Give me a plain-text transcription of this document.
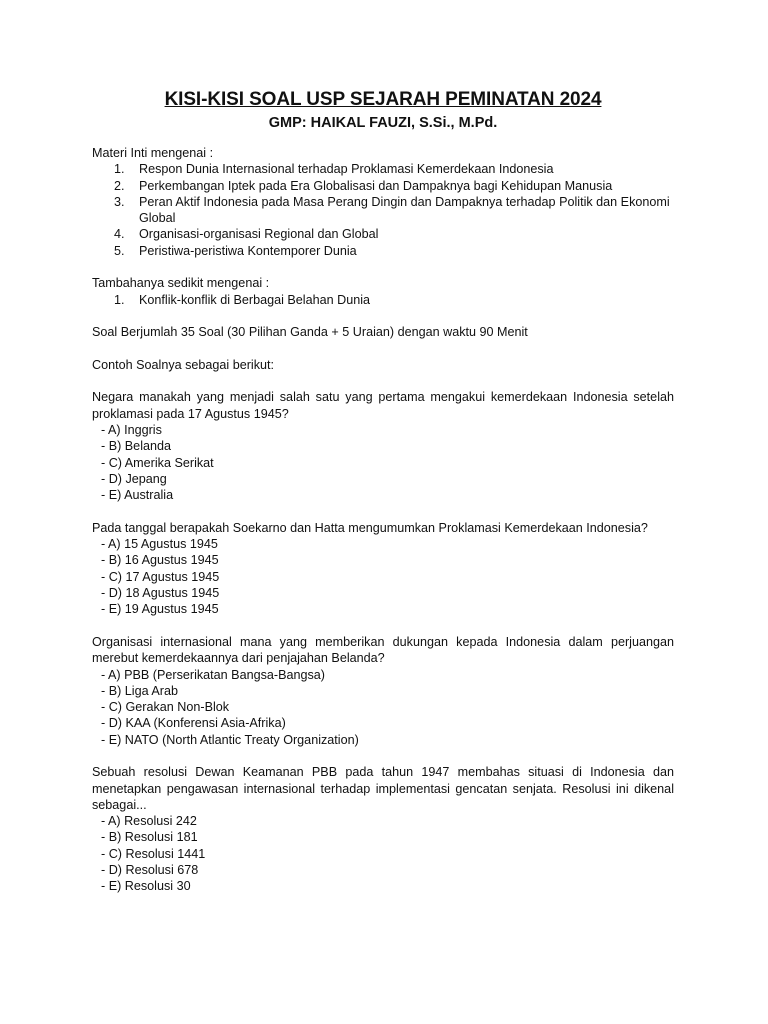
KISI-KISI SOAL USP SEJARAH PEMINATAN 2024
GMP: HAIKAL FAUZI, S.Si., M.Pd.

Materi Inti mengenai :

1. Respon Dunia Internasional terhadap Proklamasi Kemerdekaan Indonesia
2. Perkembangan Iptek pada Era Globalisasi dan Dampaknya bagi Kehidupan Manusia
3. Peran Aktif Indonesia pada Masa Perang Dingin dan Dampaknya terhadap Politik dan Ekonomi Global
4. Organisasi-organisasi Regional dan Global
5. Peristiwa-peristiwa Kontemporer Dunia

Tambahanya sedikit mengenai :

1. Konflik-konflik di Berbagai Belahan Dunia

Soal Berjumlah 35 Soal (30 Pilihan Ganda + 5 Uraian) dengan waktu 90 Menit

Contoh Soalnya sebagai berikut:

Negara manakah yang menjadi salah satu yang pertama mengakui kemerdekaan Indonesia setelah proklamasi pada 17 Agustus 1945?

- A) Inggris
- B) Belanda
- C) Amerika Serikat
- D) Jepang
- E) Australia

Pada tanggal berapakah Soekarno dan Hatta mengumumkan Proklamasi Kemerdekaan Indonesia?

- A) 15 Agustus 1945
- B) 16 Agustus 1945
- C) 17 Agustus 1945
- D) 18 Agustus 1945
- E) 19 Agustus 1945

Organisasi internasional mana yang memberikan dukungan kepada Indonesia dalam perjuangan merebut kemerdekaannya dari penjajahan Belanda?

- A) PBB (Perserikatan Bangsa-Bangsa)
- B) Liga Arab
- C) Gerakan Non-Blok
- D) KAA (Konferensi Asia-Afrika)
- E) NATO (North Atlantic Treaty Organization)

Sebuah resolusi Dewan Keamanan PBB pada tahun 1947 membahas situasi di Indonesia dan menetapkan pengawasan internasional terhadap implementasi gencatan senjata. Resolusi ini dikenal sebagai...

- A) Resolusi 242
- B) Resolusi 181
- C) Resolusi 1441
- D) Resolusi 678
- E) Resolusi 30
